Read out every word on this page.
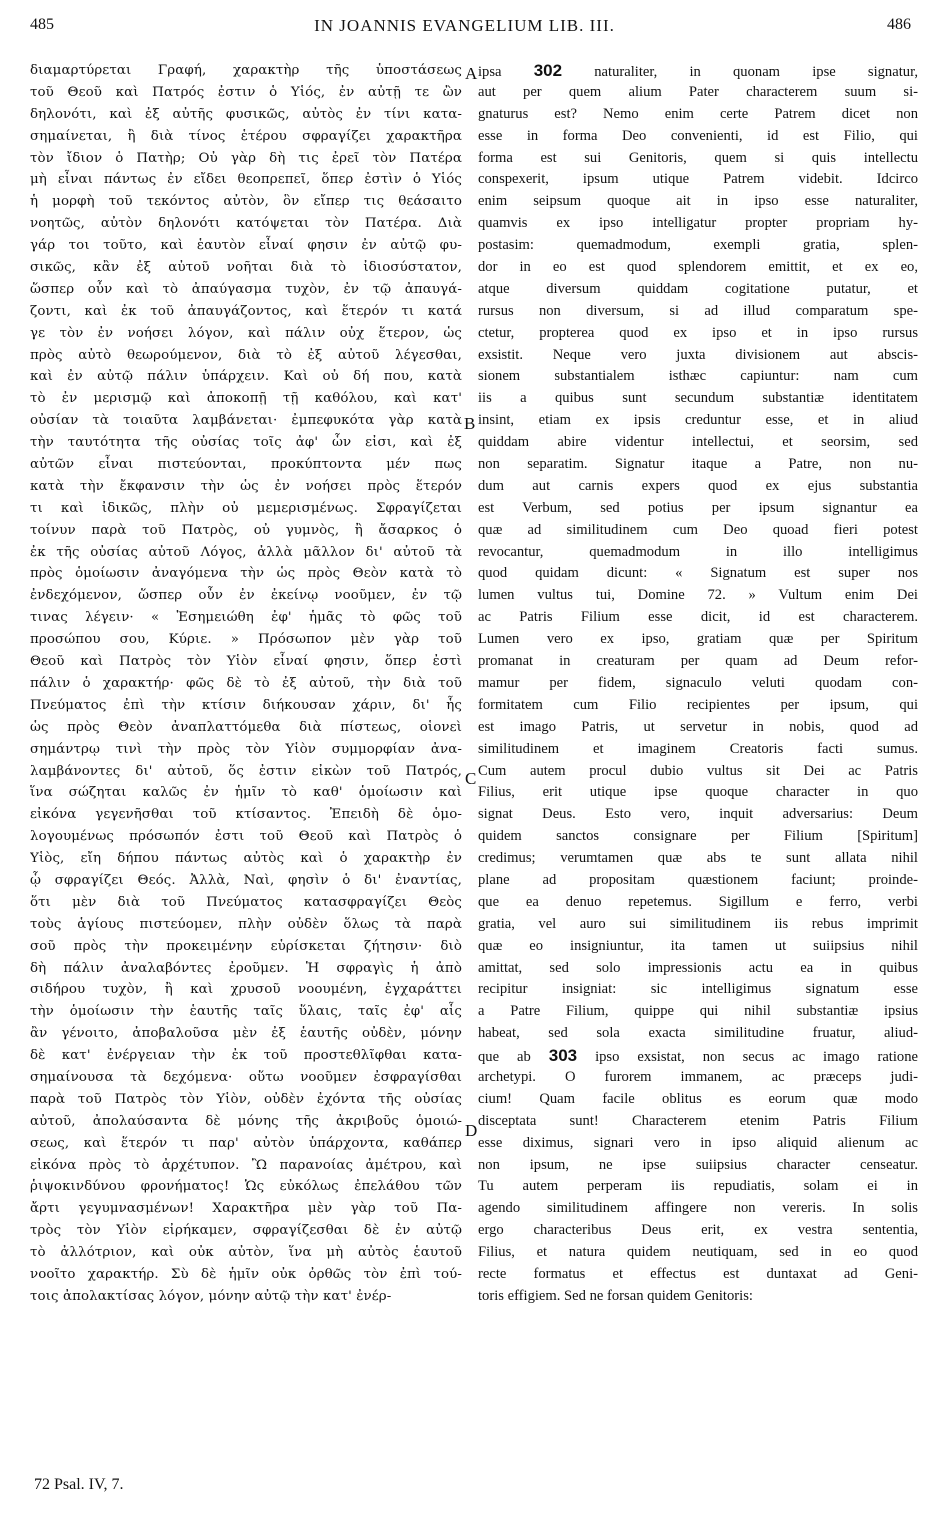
485	IN JOANNIS EVANGELIUM LIB. III.	486
διαμαρτύρεται Γραφή, χαρακτὴρ τῆς ὑποστάσεως
τοῦ Θεοῦ καὶ Πατρός ἐστιν ὁ Υἱός, ἐν αὐτῇ τε ὢν
δηλονότι, καὶ ἐξ αὐτῆς φυσικῶς, αὐτὸς ἐν τίνι κατα-
σημαίνεται, ἢ διὰ τίνος ἑτέρου σφραγίζει χαρακτῆρα
τὸν ἴδιον ὁ Πατὴρ; Οὐ γὰρ δὴ τις ἐρεῖ τὸν Πατέρα
μὴ εἶναι πάντως ἐν εἴδει θεοπρεπεῖ, ὅπερ ἐστὶν ὁ Υἱός
ἡ μορφὴ τοῦ τεκόντος αὐτὸν, ὃν εἴπερ τις θεάσαιτο
νοητῶς, αὐτὸν δηλονότι κατόψεται τὸν Πατέρα. Διὰ
γάρ τοι τοῦτο, καὶ ἑαυτὸν εἶναί φησιν ἐν αὐτῷ φυ-
σικῶς, κἂν ἐξ αὐτοῦ νοῆται διὰ τὸ ἰδιοσύστατον,
ὥσπερ οὖν καὶ τὸ ἀπαύγασμα τυχὸν, ἐν τῷ ἀπαυγά-
ζοντι, καὶ ἐκ τοῦ ἀπαυγάζοντος, καὶ ἕτερόν τι κατά
γε τὸν ἐν νοήσει λόγον, καὶ πάλιν οὐχ ἕτερον, ὡς
πρὸς αὐτὸ θεωρούμενον, διὰ τὸ ἐξ αὐτοῦ λέγεσθαι,
καὶ ἐν αὐτῷ πάλιν ὑπάρχειν. Καὶ οὐ δή που, κατὰ
τὸ ἐν μερισμῷ καὶ ἀποκοπῇ τῇ καθόλου, καὶ κατ'
οὐσίαν τὰ τοιαῦτα λαμβάνεται· ἐμπεφυκότα γὰρ κατὰ
τὴν ταυτότητα τῆς οὐσίας τοῖς ἀφ' ὧν εἰσι, καὶ ἐξ
αὐτῶν εἶναι πιστεύονται, προκύπτοντα μέν πως
κατὰ τὴν ἔκφανσιν τὴν ὡς ἐν νοήσει πρὸς ἕτερόν
τι καὶ ἰδικῶς, πλὴν οὐ μεμερισμένως. Σφραγίζεται
τοίνυν παρὰ τοῦ Πατρὸς, οὐ γυμνὸς, ἢ ἄσαρκος ὁ
ἐκ τῆς οὐσίας αὐτοῦ Λόγος, ἀλλὰ μᾶλλον δι' αὐτοῦ τὰ
πρὸς ὁμοίωσιν ἀναγόμενα τὴν ὡς πρὸς Θεὸν κατὰ τὸ
ἐνδεχόμενον, ὥσπερ οὖν ἐν ἐκείνῳ νοοῦμεν, ἐν τῷ
τινας λέγειν· « Ἐσημειώθη ἐφ' ἡμᾶς τὸ φῶς τοῦ
προσώπου σου, Κύριε. » Πρόσωπον μὲν γὰρ τοῦ
Θεοῦ καὶ Πατρὸς τὸν Υἱὸν εἶναί φησιν, ὅπερ ἐστὶ
πάλιν ὁ χαρακτήρ· φῶς δὲ τὸ ἐξ αὐτοῦ, τὴν διὰ τοῦ
Πνεύματος ἐπὶ τὴν κτίσιν διήκουσαν χάριν, δι' ἧς
ὡς πρὸς Θεὸν ἀναπλαττόμεθα διὰ πίστεως, οἱονεὶ
σημάντρῳ τινὶ τὴν πρὸς τὸν Υἱὸν συμμορφίαν ἀνα-
λαμβάνοντες δι' αὐτοῦ, ὅς ἐστιν εἰκὼν τοῦ Πατρός,
ἵνα σώζηται καλῶς ἐν ἡμῖν τὸ καθ' ὁμοίωσιν καὶ
εἰκόνα γεγενῆσθαι τοῦ κτίσαντος. Ἐπειδὴ δὲ ὁμο-
λογουμένως πρόσωπόν ἐστι τοῦ Θεοῦ καὶ Πατρὸς ὁ
Υἱὸς, εἴη δήπου πάντως αὐτὸς καὶ ὁ χαρακτὴρ ἐν
ᾧ σφραγίζει Θεός. Ἀλλὰ, Ναὶ, φησὶν ὁ δι' ἐναντίας,
ὅτι μὲν διὰ τοῦ Πνεύματος κατασφραγίζει Θεὸς
τοὺς ἁγίους πιστεύομεν, πλὴν οὐδὲν ὅλως τὰ παρὰ
σοῦ πρὸς τὴν προκειμένην εὑρίσκεται ζήτησιν· διὸ
δὴ πάλιν ἀναλαβόντες ἐροῦμεν. Ἡ σφραγὶς ἡ ἀπὸ
σιδήρου τυχὸν, ἢ καὶ χρυσοῦ νοουμένη, ἐγχαράττει
τὴν ὁμοίωσιν τὴν ἑαυτῆς ταῖς ὕλαις, ταῖς ἐφ' αἷς
ἂν γένοιτο, ἀποβαλοῦσα μὲν ἐξ ἑαυτῆς οὐδὲν, μόνην
δὲ κατ' ἐνέργειαν τὴν ἐκ τοῦ προστεθλῖφθαι κατα-
σημαίνουσα τὰ δεχόμενα· οὕτω νοοῦμεν ἐσφραγίσθαι
παρὰ τοῦ Πατρὸς τὸν Υἱὸν, οὐδὲν ἐχόντα τῆς οὐσίας
αὐτοῦ, ἀπολαύσαντα δὲ μόνης τῆς ἀκριβοῦς ὁμοιώ-
σεως, καὶ ἕτερόν τι παρ' αὐτὸν ὑπάρχοντα, καθάπερ
εἰκόνα πρὸς τὸ ἀρχέτυπον. Ὢ παρανοίας ἀμέτρου, καὶ
ῥιψοκινδύνου φρονήματος! Ὡς εὐκόλως ἐπελάθου τῶν
ἄρτι γεγυμνασμένων! Χαρακτῆρα μὲν γὰρ τοῦ Πα-
τρὸς τὸν Υἱὸν εἰρήκαμεν, σφραγίζεσθαι δὲ ἐν αὐτῷ
τὸ ἀλλότριον, καὶ οὐκ αὐτὸν, ἵνα μὴ αὐτὸς ἑαυτοῦ
νοοῖτο χαρακτήρ. Σὺ δὲ ἡμῖν οὐκ ὀρθῶς τὸν ἐπὶ τού-
τοις ἀπολακτίσας λόγον, μόνην αὐτῷ τὴν κατ' ἐνέρ-
ipsa 302 naturaliter, in quonam ipse signatur,
aut per quem alium Pater characterem suum si-
gnaturus est? Nemo enim certe Patrem dicet non
esse in forma Deo convenienti, id est Filio, qui
forma est sui Genitoris, quem si quis intellectu
conspexerit, ipsum utique Patrem videbit. Idcirco
enim seipsum quoque ait in ipso esse naturaliter,
quamvis ex ipso intelligatur propter propriam hy-
postasim: quemadmodum, exempli gratia, splen-
dor in eo est quod splendorem emittit, et ex eo,
atque diversum quiddam cogitatione putatur, et
rursus non diversum, si ad illud comparatum spe-
ctetur, propterea quod ex ipso et in ipso rursus
exsistit. Neque vero juxta divisionem aut abscis-
sionem substantialem isthæc capiuntur: nam cum
iis a quibus sunt secundum substantiæ identitatem
insint, etiam ex ipsis creduntur esse, et in aliud
quiddam abire videntur intellectui, et seorsim, sed
non separatim. Signatur itaque a Patre, non nu-
dum aut carnis expers quod ex ejus substantia
est Verbum, sed potius per ipsum signantur ea
quæ ad similitudinem cum Deo quoad fieri potest
revocantur, quemadmodum in illo intelligimus
quod quidam dicunt: « Signatum est super nos
lumen vultus tui, Domine 72. » Vultum enim Dei
ac Patris Filium esse dicit, id est characterem.
Lumen vero ex ipso, gratiam quæ per Spiritum
promanat in creaturam per quam ad Deum refor-
mamur per fidem, signaculo veluti quodam con-
formitatem cum Filio recipientes per ipsum, qui
est imago Patris, ut servetur in nobis, quod ad
similitudinem et imaginem Creatoris facti sumus.
Cum autem procul dubio vultus sit Dei ac Patris
Filius, erit utique ipse quoque character in quo
signat Deus. Esto vero, inquit adversarius: Deum
quidem sanctos consignare per Filium [Spiritum]
credimus; verumtamen quæ abs te sunt allata nihil
plane ad propositam quæstionem faciunt; proinde-
que ea denuo repetemus. Sigillum e ferro, verbi
gratia, vel auro sui similitudinem iis rebus imprimit
quæ eo insigniuntur, ita tamen ut suiipsius nihil
amittat, sed solo impressionis actu ea in quibus
recipitur insigniat: sic intelligimus signatum esse
a Patre Filium, quippe qui nihil substantiæ ipsius
habeat, sed sola exacta similitudine fruatur, aliud-
que ab 303 ipso exsistat, non secus ac imago ratione
archetypi. O furorem immanem, ac præceps judi-
cium! Quam facile oblitus es eorum quæ modo
disceptata sunt! Characterem etenim Patris Filium
esse diximus, signari vero in ipso aliquid alienum ac
non ipsum, ne ipse suiipsius character censeatur.
Tu autem perperam iis repudiatis, solam ei in
agendo similitudinem affingere non vereris. In solis
ergo characteribus Deus erit, ex vestra sententia,
Filius, et natura quidem neutiquam, sed in eo quod
recte formatus et effectus est duntaxat ad Geni-
toris effigiem. Sed ne forsan quidem Genitoris:
A
B
C
D
72 Psal. IV, 7.
